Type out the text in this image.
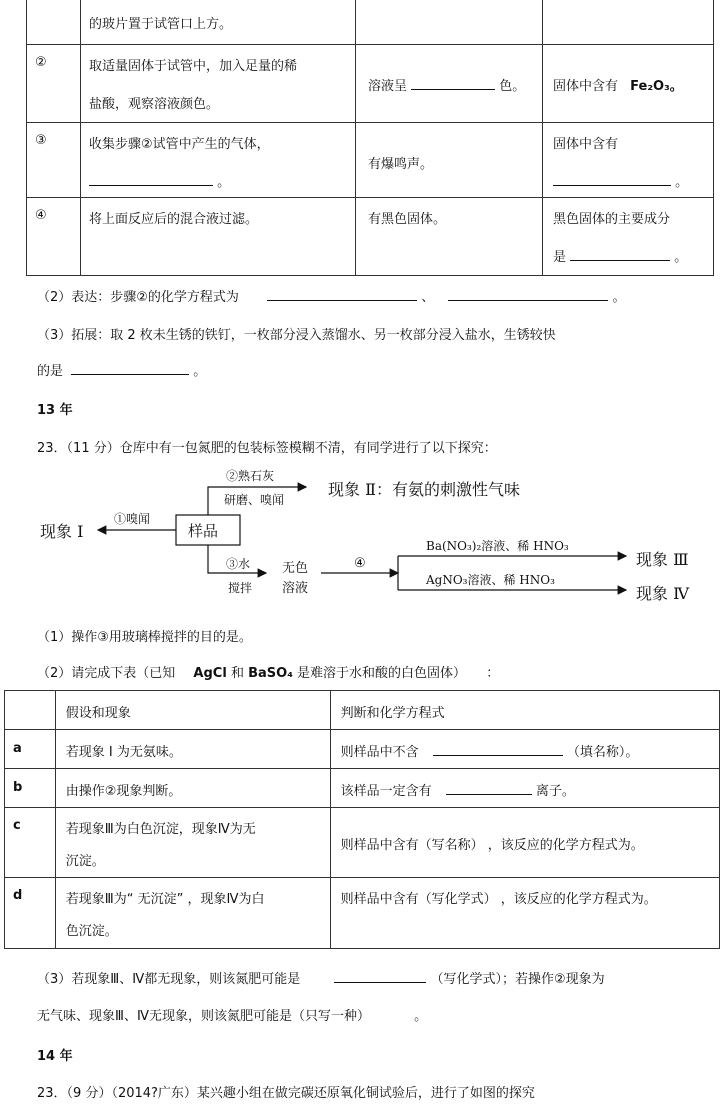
	的玻片置于试管口上方。		

②	取适量固体于试管中，加入足量的稀
盐酸，观察溶液颜色。	溶液呈 色。	固体中含有 Fe₂O₃。

③	收集步骤②试管中产生的气体，
。	有爆鸣声。	固体中含有
。

④	将上面反应后的混合液过滤。	有黑色固体。	黑色固体的主要成分
是 。
（2）表达：步骤②的化学方程式为	、	。
（3）拓展：取 2 枚未生锈的铁钉，一枚部分浸入蒸馏水、另一枚部分浸入盐水，生锈较快
的是	。
13 年
23．（11 分）仓库中有一包氮肥的包装标签模糊不清，有同学进行了以下探究：
现象 Ⅰ
①嗅闻
样品
②熟石灰
研磨、嗅闻
现象 Ⅱ：有氨的刺激性气味
③水
搅拌
无色
溶液
④
Ba(NO₃)₂溶液、稀 HNO₃
AgNO₃溶液、稀 HNO₃
现象 Ⅲ
现象 Ⅳ
（1）操作③用玻璃棒搅拌的目的是。
（2）请完成下表（已知 AgCl 和 BaSO₄ 是难溶于水和酸的白色固体） ：

	假设和现象	判断和化学方程式

a	若现象 Ⅰ 为无氨味。	则样品中不含 （填名称）。

b	由操作②现象判断。	该样品一定含有 离子。

c	若现象Ⅲ为白色沉淀，现象Ⅳ为无
沉淀。	则样品中含有（写名称） ，该反应的化学方程式为。

d	若现象Ⅲ为“ 无沉淀” ，现象Ⅳ为白
色沉淀。	则样品中含有（写化学式） ，该反应的化学方程式为。
（3）若现象Ⅲ、Ⅳ都无现象，则该氮肥可能是	（写化学式）；若操作②现象为
无气味、现象Ⅲ、Ⅳ无现象，则该氮肥可能是（只写一种）	。
14 年
23．（9 分）（2014?广东）某兴趣小组在做完碳还原氧化铜试验后，进行了如图的探究
